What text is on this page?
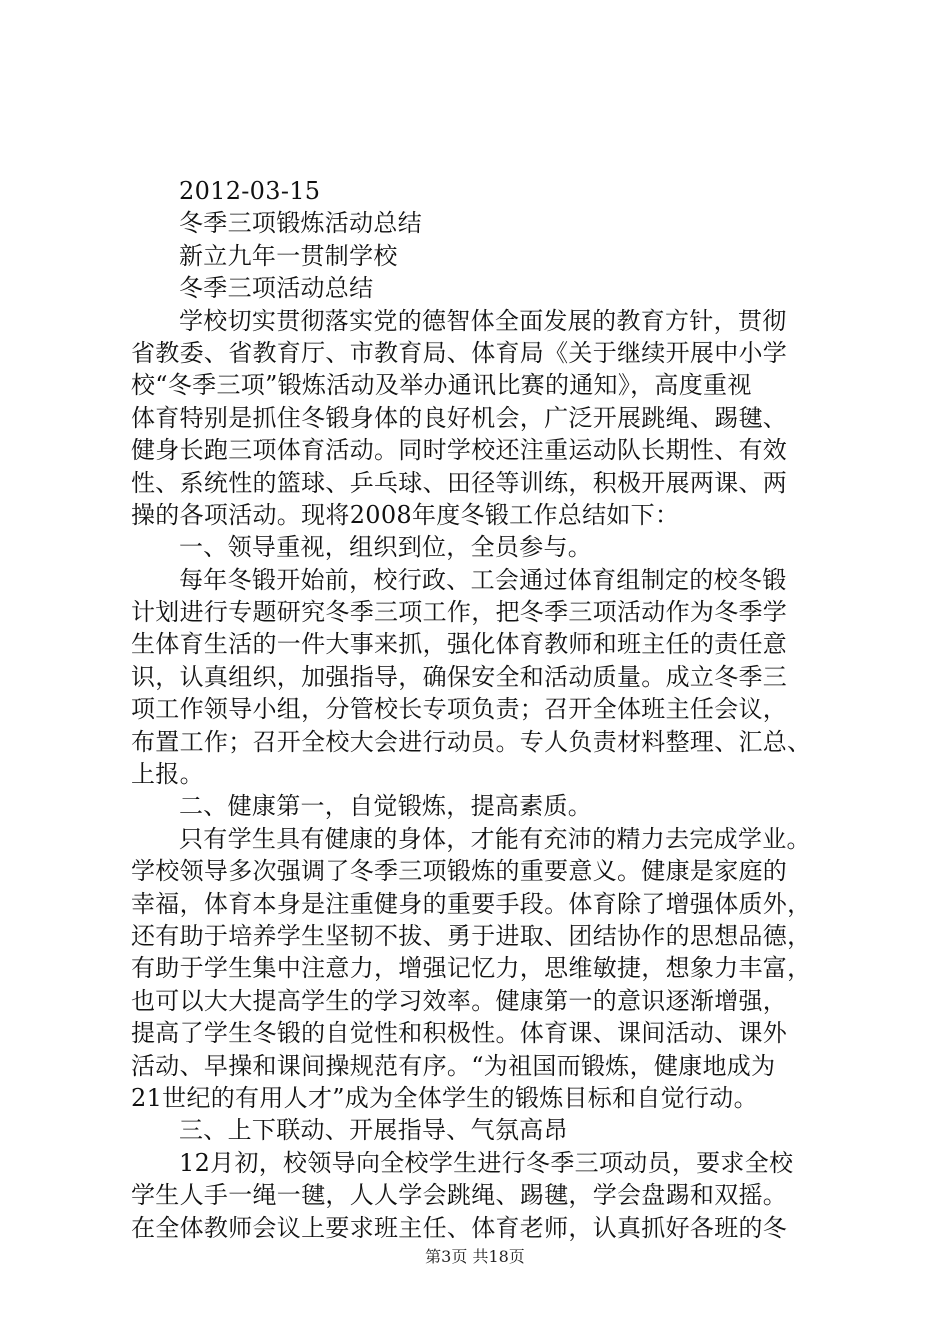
2012-03-15
冬季三项锻炼活动总结
新立九年一贯制学校
冬季三项活动总结
学校切实贯彻落实党的德智体全面发展的教育方针，贯彻
省教委、省教育厅、市教育局、体育局《关于继续开展中小学
校“冬季三项”锻炼活动及举办通讯比赛的通知》，高度重视
体育特别是抓住冬锻身体的良好机会，广泛开展跳绳、踢毽、
健身长跑三项体育活动。同时学校还注重运动队长期性、有效
性、系统性的篮球、乒乓球、田径等训练，积极开展两课、两
操的各项活动。现将2008年度冬锻工作总结如下：
一、领导重视，组织到位，全员参与。
每年冬锻开始前，校行政、工会通过体育组制定的校冬锻
计划进行专题研究冬季三项工作，把冬季三项活动作为冬季学
生体育生活的一件大事来抓，强化体育教师和班主任的责任意
识，认真组织，加强指导，确保安全和活动质量。成立冬季三
项工作领导小组，分管校长专项负责；召开全体班主任会议，
布置工作；召开全校大会进行动员。专人负责材料整理、汇总、
上报。
二、健康第一，自觉锻炼，提高素质。
只有学生具有健康的身体，才能有充沛的精力去完成学业。
学校领导多次强调了冬季三项锻炼的重要意义。健康是家庭的
幸福，体育本身是注重健身的重要手段。体育除了增强体质外，
还有助于培养学生坚韧不拔、勇于进取、团结协作的思想品德，
有助于学生集中注意力，增强记忆力，思维敏捷，想象力丰富，
也可以大大提高学生的学习效率。健康第一的意识逐渐增强，
提高了学生冬锻的自觉性和积极性。体育课、课间活动、课外
活动、早操和课间操规范有序。“为祖国而锻炼，健康地成为
21世纪的有用人才”成为全体学生的锻炼目标和自觉行动。
三、上下联动、开展指导、气氛高昂
12月初，校领导向全校学生进行冬季三项动员，要求全校
学生人手一绳一毽，人人学会跳绳、踢毽，学会盘踢和双摇。
在全体教师会议上要求班主任、体育老师，认真抓好各班的冬
第3页 共18页
